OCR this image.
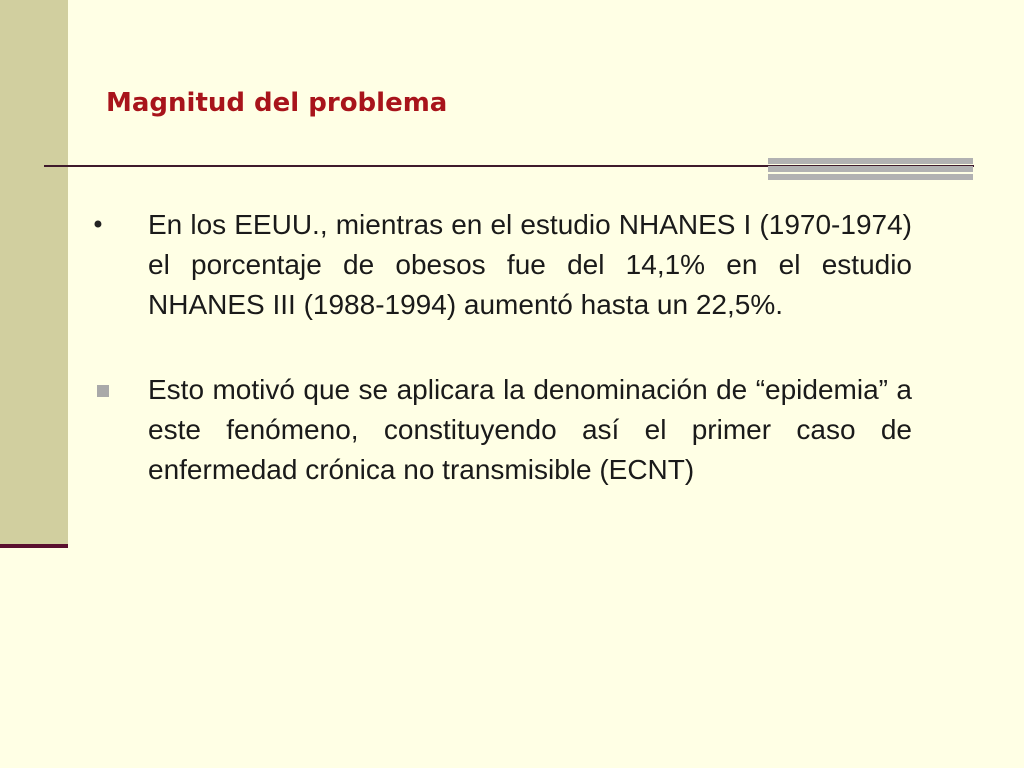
Magnitud del problema
• En los EEUU., mientras en el estudio NHANES I (1970-1974) el porcentaje de obesos fue del 14,1% en el estudio NHANES III (1988-1994) aumentó hasta un 22,5%.
Esto motivó que se aplicara la denominación de “epidemia” a este fenómeno, constituyendo así el primer caso de enfermedad crónica no transmisible (ECNT)
